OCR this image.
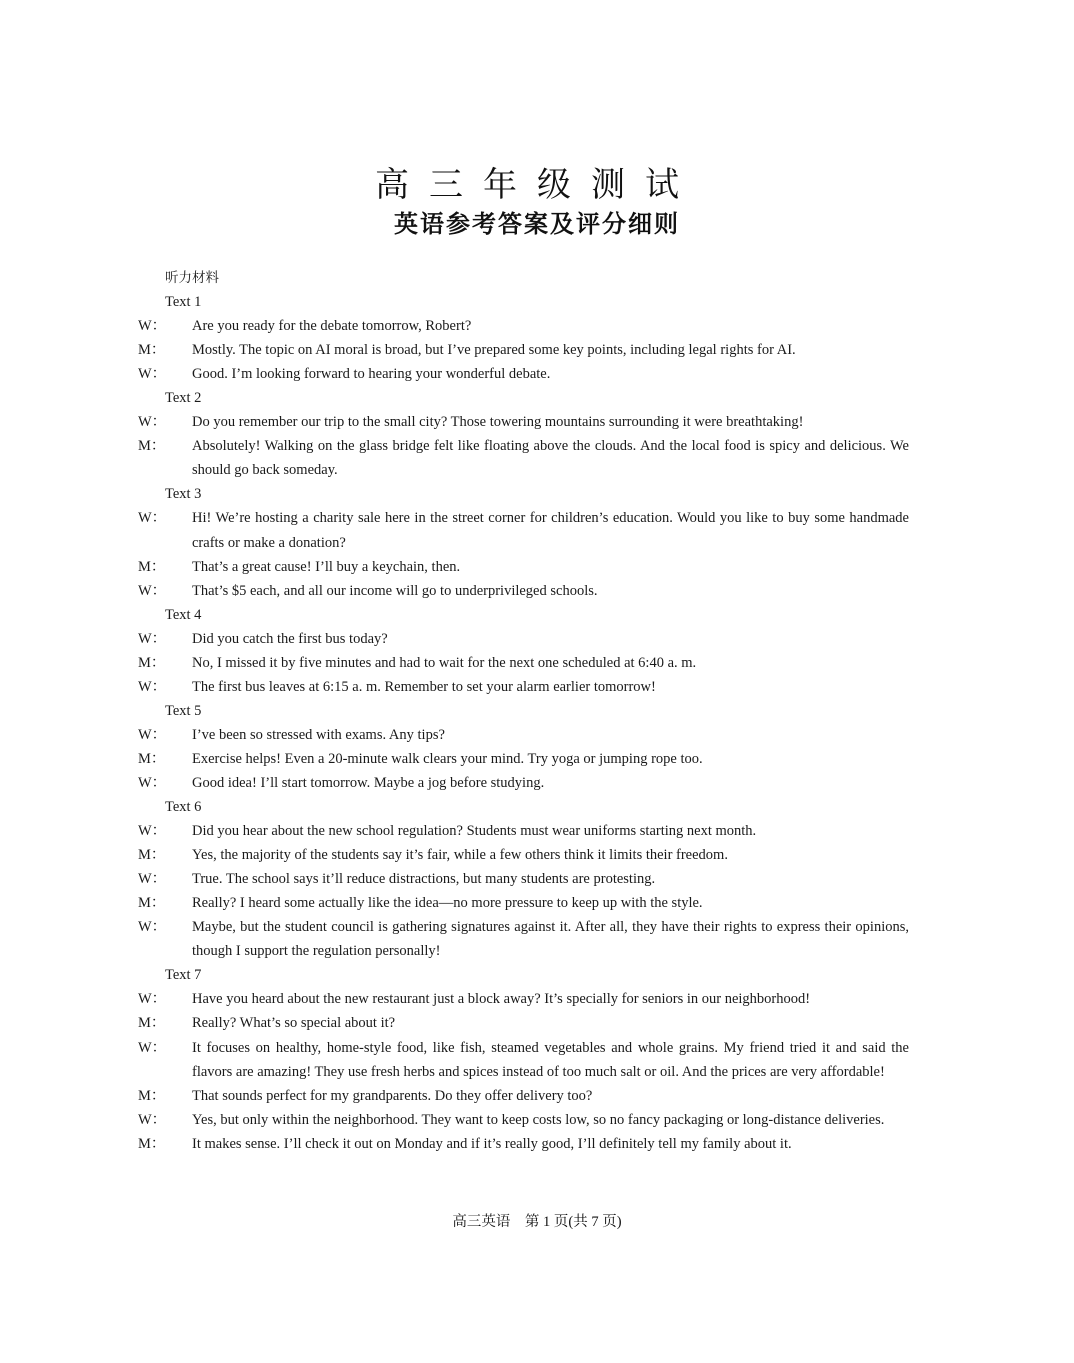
高三年级测试
英语参考答案及评分细则
听力材料
Text 1
W： Are you ready for the debate tomorrow, Robert?
M： Mostly. The topic on AI moral is broad, but I’ve prepared some key points, including legal rights for AI.
W： Good. I’m looking forward to hearing your wonderful debate.
Text 2
W： Do you remember our trip to the small city? Those towering mountains surrounding it were breathtaking!
M： Absolutely! Walking on the glass bridge felt like floating above the clouds. And the local food is spicy and delicious. We should go back someday.
Text 3
W： Hi! We’re hosting a charity sale here in the street corner for children’s education. Would you like to buy some handmade crafts or make a donation?
M： That’s a great cause! I’ll buy a keychain, then.
W： That’s $5 each, and all our income will go to underprivileged schools.
Text 4
W： Did you catch the first bus today?
M： No, I missed it by five minutes and had to wait for the next one scheduled at 6:40 a. m.
W： The first bus leaves at 6:15 a. m. Remember to set your alarm earlier tomorrow!
Text 5
W： I’ve been so stressed with exams. Any tips?
M： Exercise helps! Even a 20-minute walk clears your mind. Try yoga or jumping rope too.
W： Good idea! I’ll start tomorrow. Maybe a jog before studying.
Text 6
W： Did you hear about the new school regulation? Students must wear uniforms starting next month.
M： Yes, the majority of the students say it’s fair, while a few others think it limits their freedom.
W： True. The school says it’ll reduce distractions, but many students are protesting.
M： Really? I heard some actually like the idea—no more pressure to keep up with the style.
W： Maybe, but the student council is gathering signatures against it. After all, they have their rights to express their opinions, though I support the regulation personally!
Text 7
W： Have you heard about the new restaurant just a block away? It’s specially for seniors in our neighborhood!
M： Really? What’s so special about it?
W： It focuses on healthy, home-style food, like fish, steamed vegetables and whole grains. My friend tried it and said the flavors are amazing! They use fresh herbs and spices instead of too much salt or oil. And the prices are very affordable!
M： That sounds perfect for my grandparents. Do they offer delivery too?
W： Yes, but only within the neighborhood. They want to keep costs low, so no fancy packaging or long-distance deliveries.
M： It makes sense. I’ll check it out on Monday and if it’s really good, I’ll definitely tell my family about it.
高三英语　第 1 页(共 7 页)
